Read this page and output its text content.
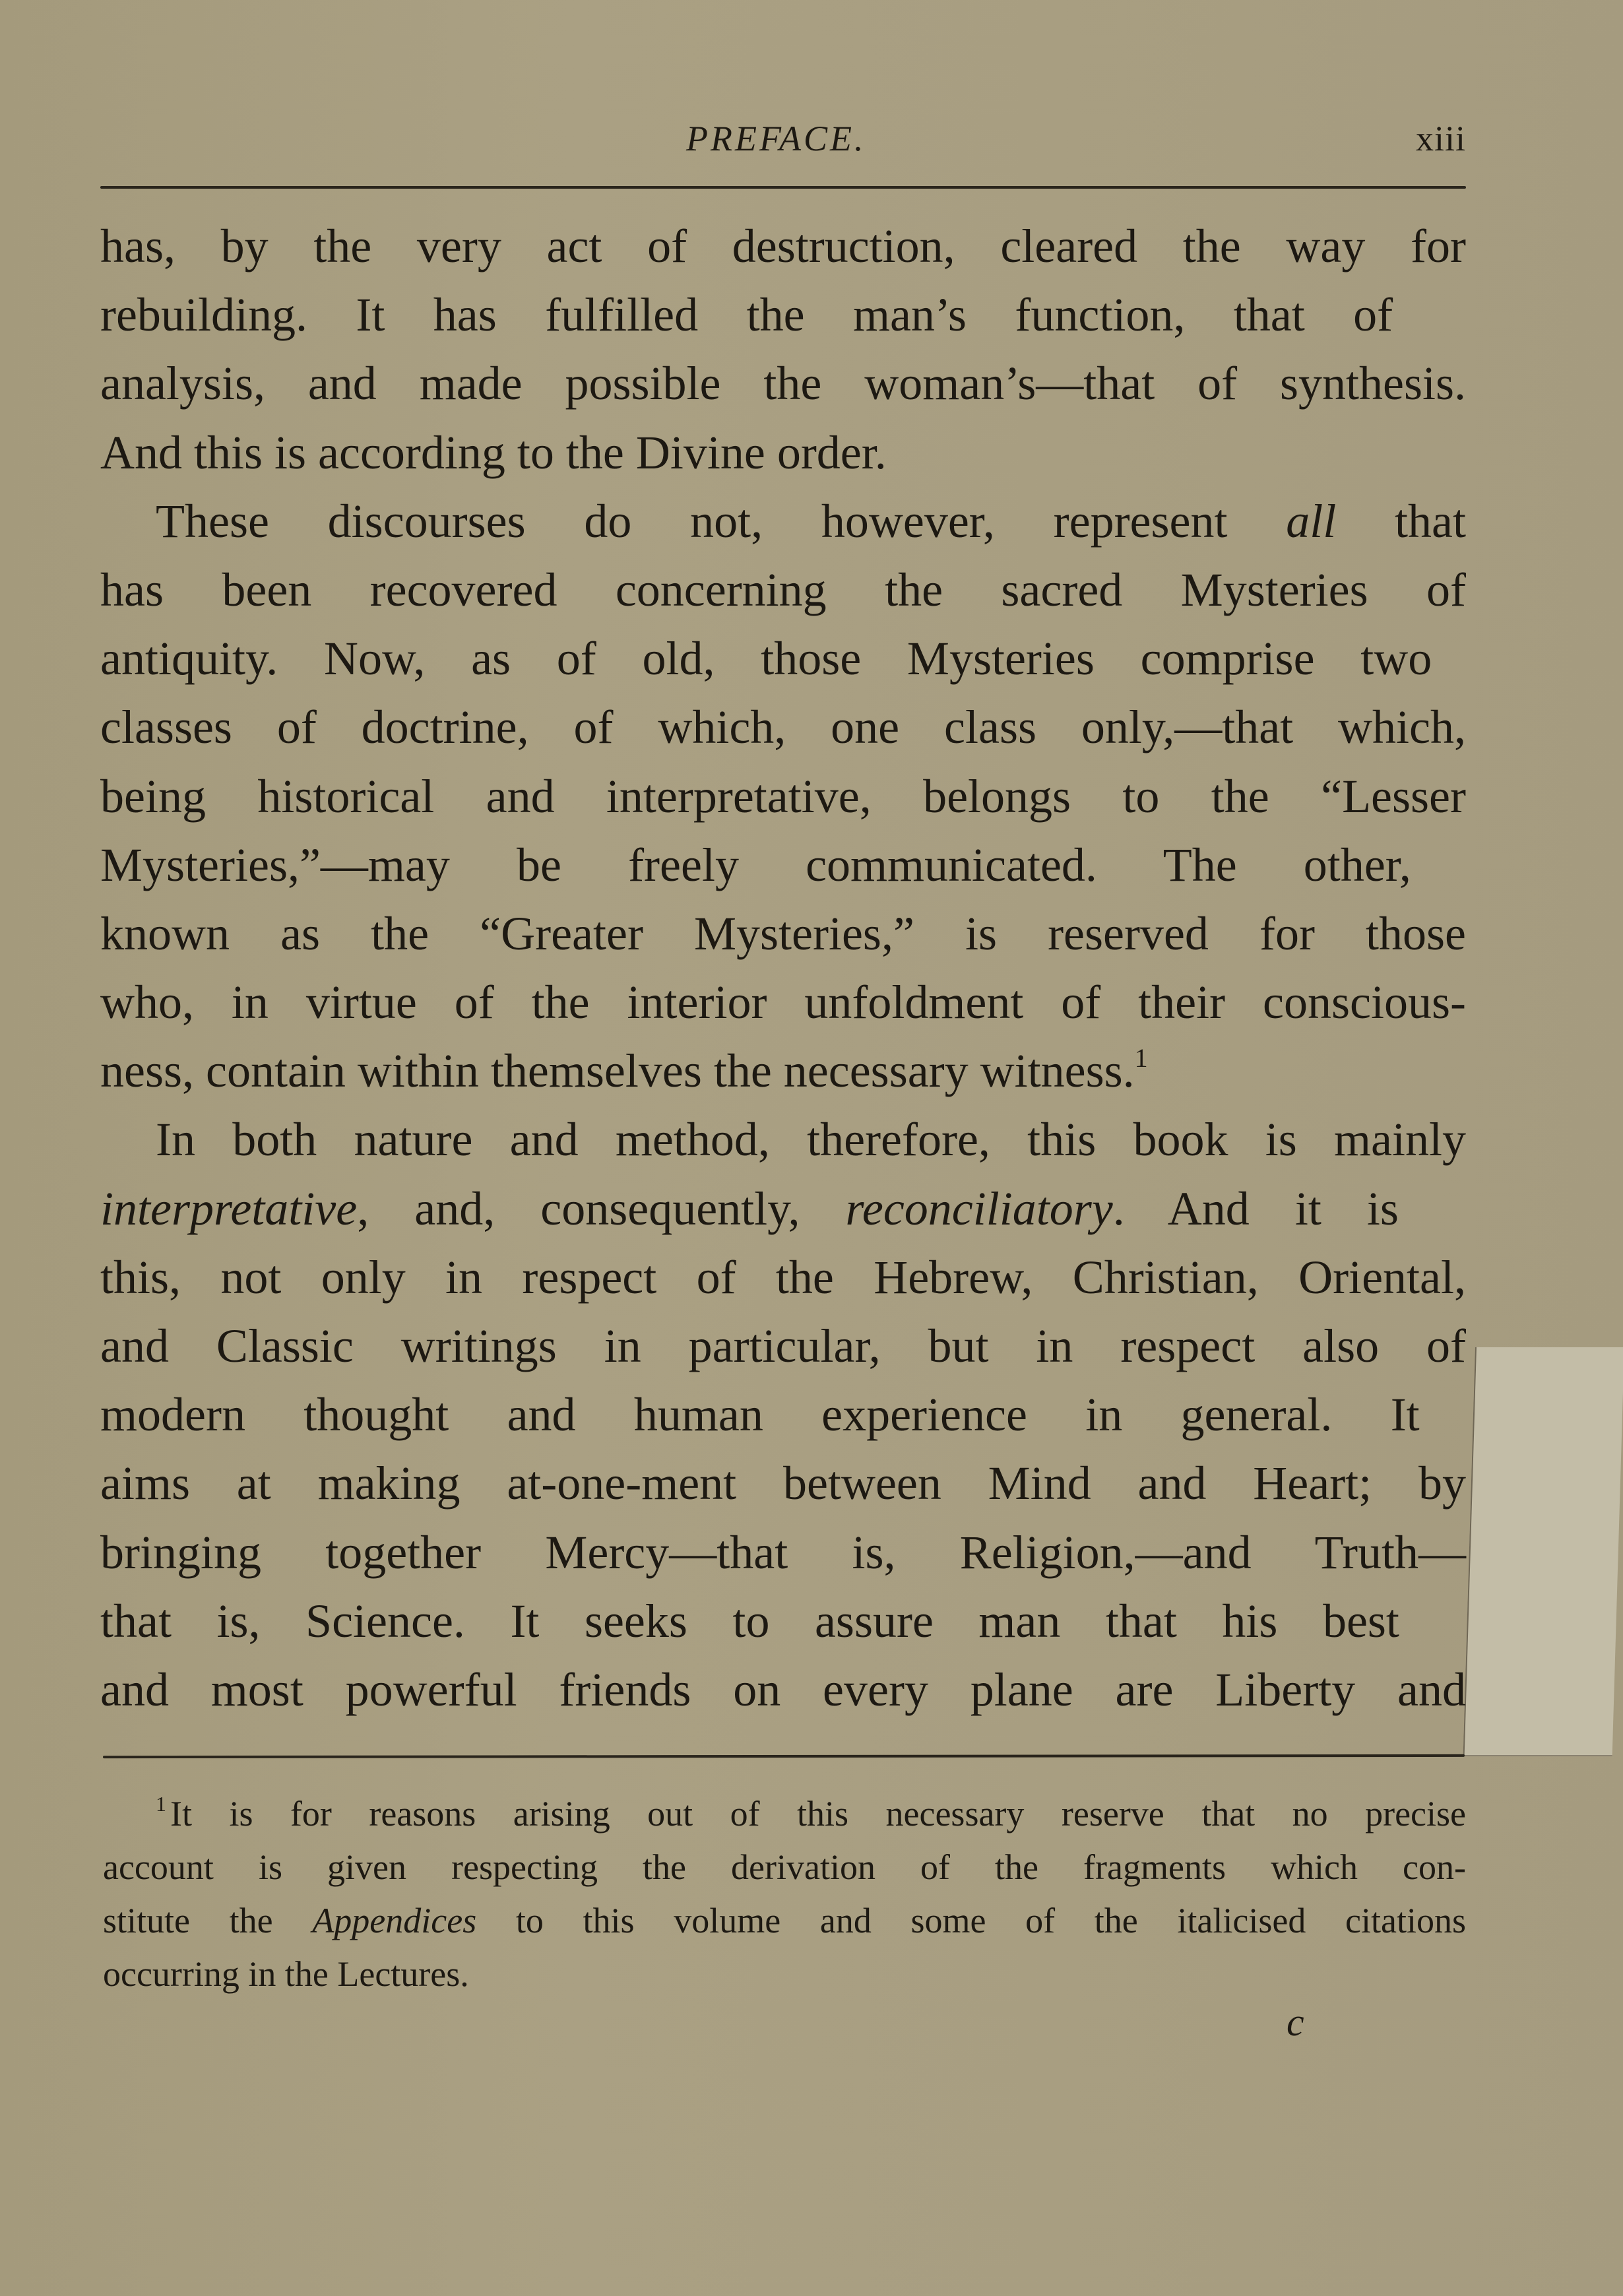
PREFACE.	xiii
has, by the very act of destruction, cleared the way for
rebuilding. It has fulfilled the man’s function, that of
analysis, and made possible the woman’s—that of synthesis.
And this is according to the Divine order.
These discourses do not, however, represent all that
has been recovered concerning the sacred Mysteries of
antiquity. Now, as of old, those Mysteries comprise two
classes of doctrine, of which, one class only,—that which,
being historical and interpretative, belongs to the “Lesser
Mysteries,”—may be freely communicated. The other,
known as the “Greater Mysteries,” is reserved for those
who, in virtue of the interior unfoldment of their conscious-
ness, contain within themselves the necessary witness.$^1$
In both nature and method, therefore, this book is mainly
interpretative, and, consequently, reconciliatory. And it is
this, not only in respect of the Hebrew, Christian, Oriental,
and Classic writings in particular, but in respect also of
modern thought and human experience in general. It
aims at making at-one-ment between Mind and Heart; by
bringing together Mercy—that is, Religion,—and Truth—
that is, Science. It seeks to assure man that his best
and most powerful friends on every plane are Liberty and
$^1$ It is for reasons arising out of this necessary reserve that no precise
account is given respecting the derivation of the fragments which con-
stitute the Appendices to this volume and some of the italicised citations
occurring in the Lectures.
c
